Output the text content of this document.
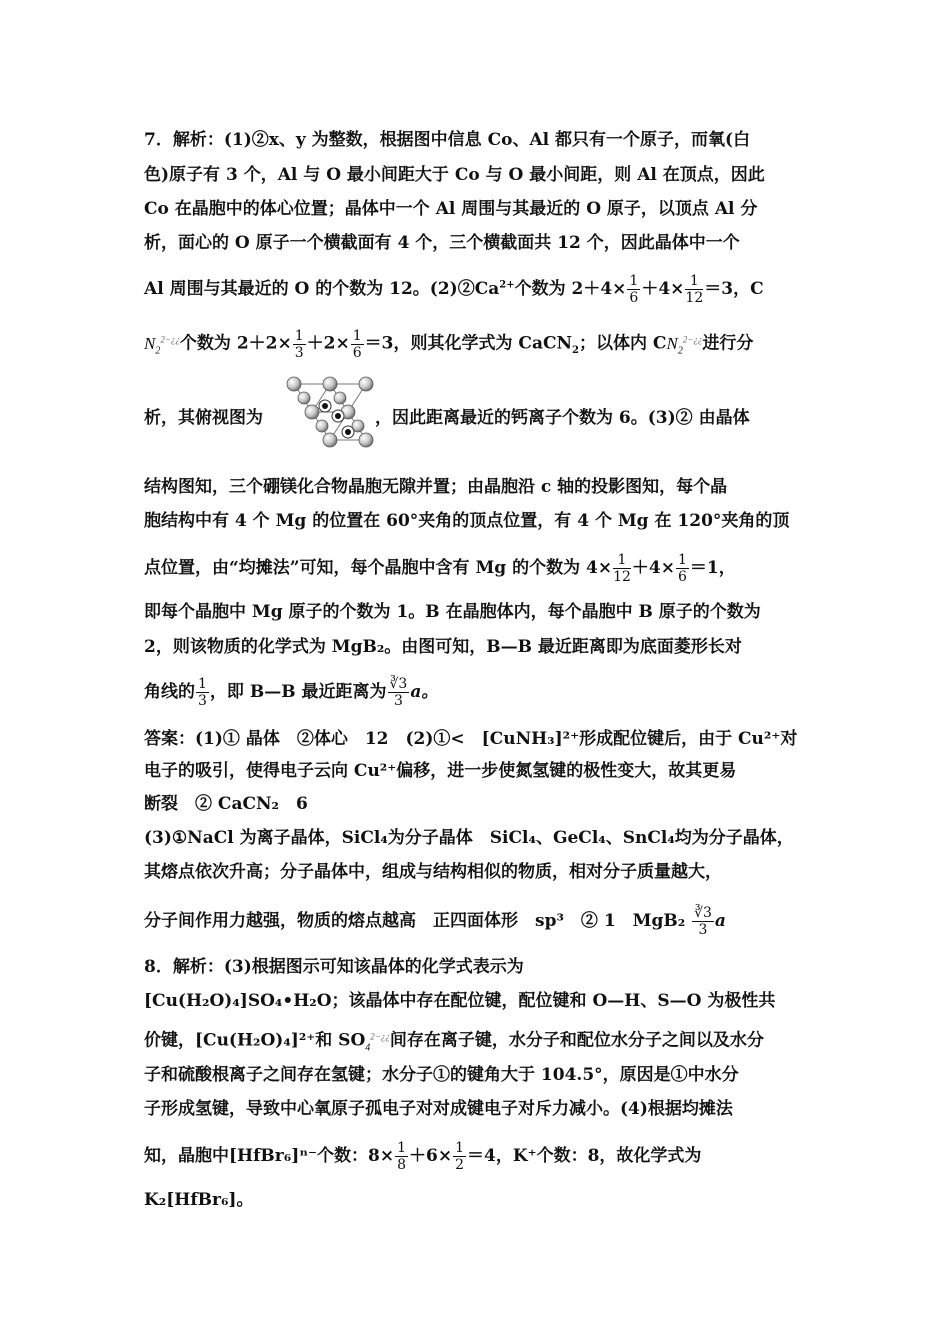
7．解析：(1)②x、y 为整数，根据图中信息 Co、Al 都只有一个原子，而氧(白
色)原子有 3 个，Al 与 O 最小间距大于 Co 与 O 最小间距，则 Al 在顶点，因此
Co 在晶胞中的体心位置；晶体中一个 Al 周围与其最近的 O 原子，以顶点 Al 分
析，面心的 O 原子一个横截面有 4 个，三个横截面共 12 个，因此晶体中一个
Al 周围与其最近的 O 的个数为 12。$(2)②Ca^{2+}$个数为 $2+4\times \frac{1}{6} +4\times \frac{1}{12} =3$，C
$N_2^{2-¿¿}$个数为 $2+2\times \frac{1}{3} +2\times \frac{1}{6} =3$，则其化学式为 CaCN$_2$；以体内 $CN_2^{2-¿¿}$进行分
析，其俯视图为	，因此距离最近的钙离子个数为 6。(3)② 由晶体
结构图知，三个硼镁化合物晶胞无隙并置；由晶胞沿 c 轴的投影图知，每个晶
胞结构中有 4 个 Mg 的位置在 60°夹角的顶点位置，有 4 个 Mg 在 120°夹角的顶
点位置，由“均摊法”可知，每个晶胞中含有 Mg 的个数为 $4\times \frac{1}{12} +4\times \frac{1}{6} =1$，
即每个晶胞中 Mg 原子的个数为 1。B 在晶胞体内，每个晶胞中 B 原子的个数为
2，则该物质的化学式为 MgB₂。由图可知，B—B 最近距离即为底面菱形长对
角线的 $\frac{1}{3}$ ，即 B—B 最近距离为 $\frac{∛3}{3}$ a。
答案：(1)① 晶体　②体心　12　(2)①<　[CuNH₃]²⁺形成配位键后，由于 Cu²⁺对
电子的吸引，使得电子云向 Cu²⁺偏移，进一步使氮氢键的极性变大，故其更易
断裂　② CaCN₂　6
(3)①NaCl 为离子晶体，SiCl₄为分子晶体　SiCl₄、GeCl₄、SnCl₄均为分子晶体，
其熔点依次升高；分子晶体中，组成与结构相似的物质，相对分子质量越大，
分子间作用力越强，物质的熔点越高　正四面体形　sp³　② 1　$MgB_2 \frac{∛3}{3}$ a
8．解析：(3)根据图示可知该晶体的化学式表示为
[Cu(H₂O)₄]SO₄•H₂O；该晶体中存在配位键，配位键和 O—H、S—O 为极性共
价键，[Cu(H₂O)₄]²⁺和 $SO_4^{2-¿¿}$间存在离子键，水分子和配位水分子之间以及水分
子和硫酸根离子之间存在氢键；水分子①的键角大于 104.5°，原因是①中水分
子形成氢键，导致中心氧原子孤电子对对成键电子对斥力减小。(4)根据均摊法
知，晶胞中[HfBr₆]ⁿ⁻个数：$8\times \frac{1}{8} +6\times \frac{1}{2} =4$，K⁺个数：8，故化学式为
K₂[HfBr₆]。
